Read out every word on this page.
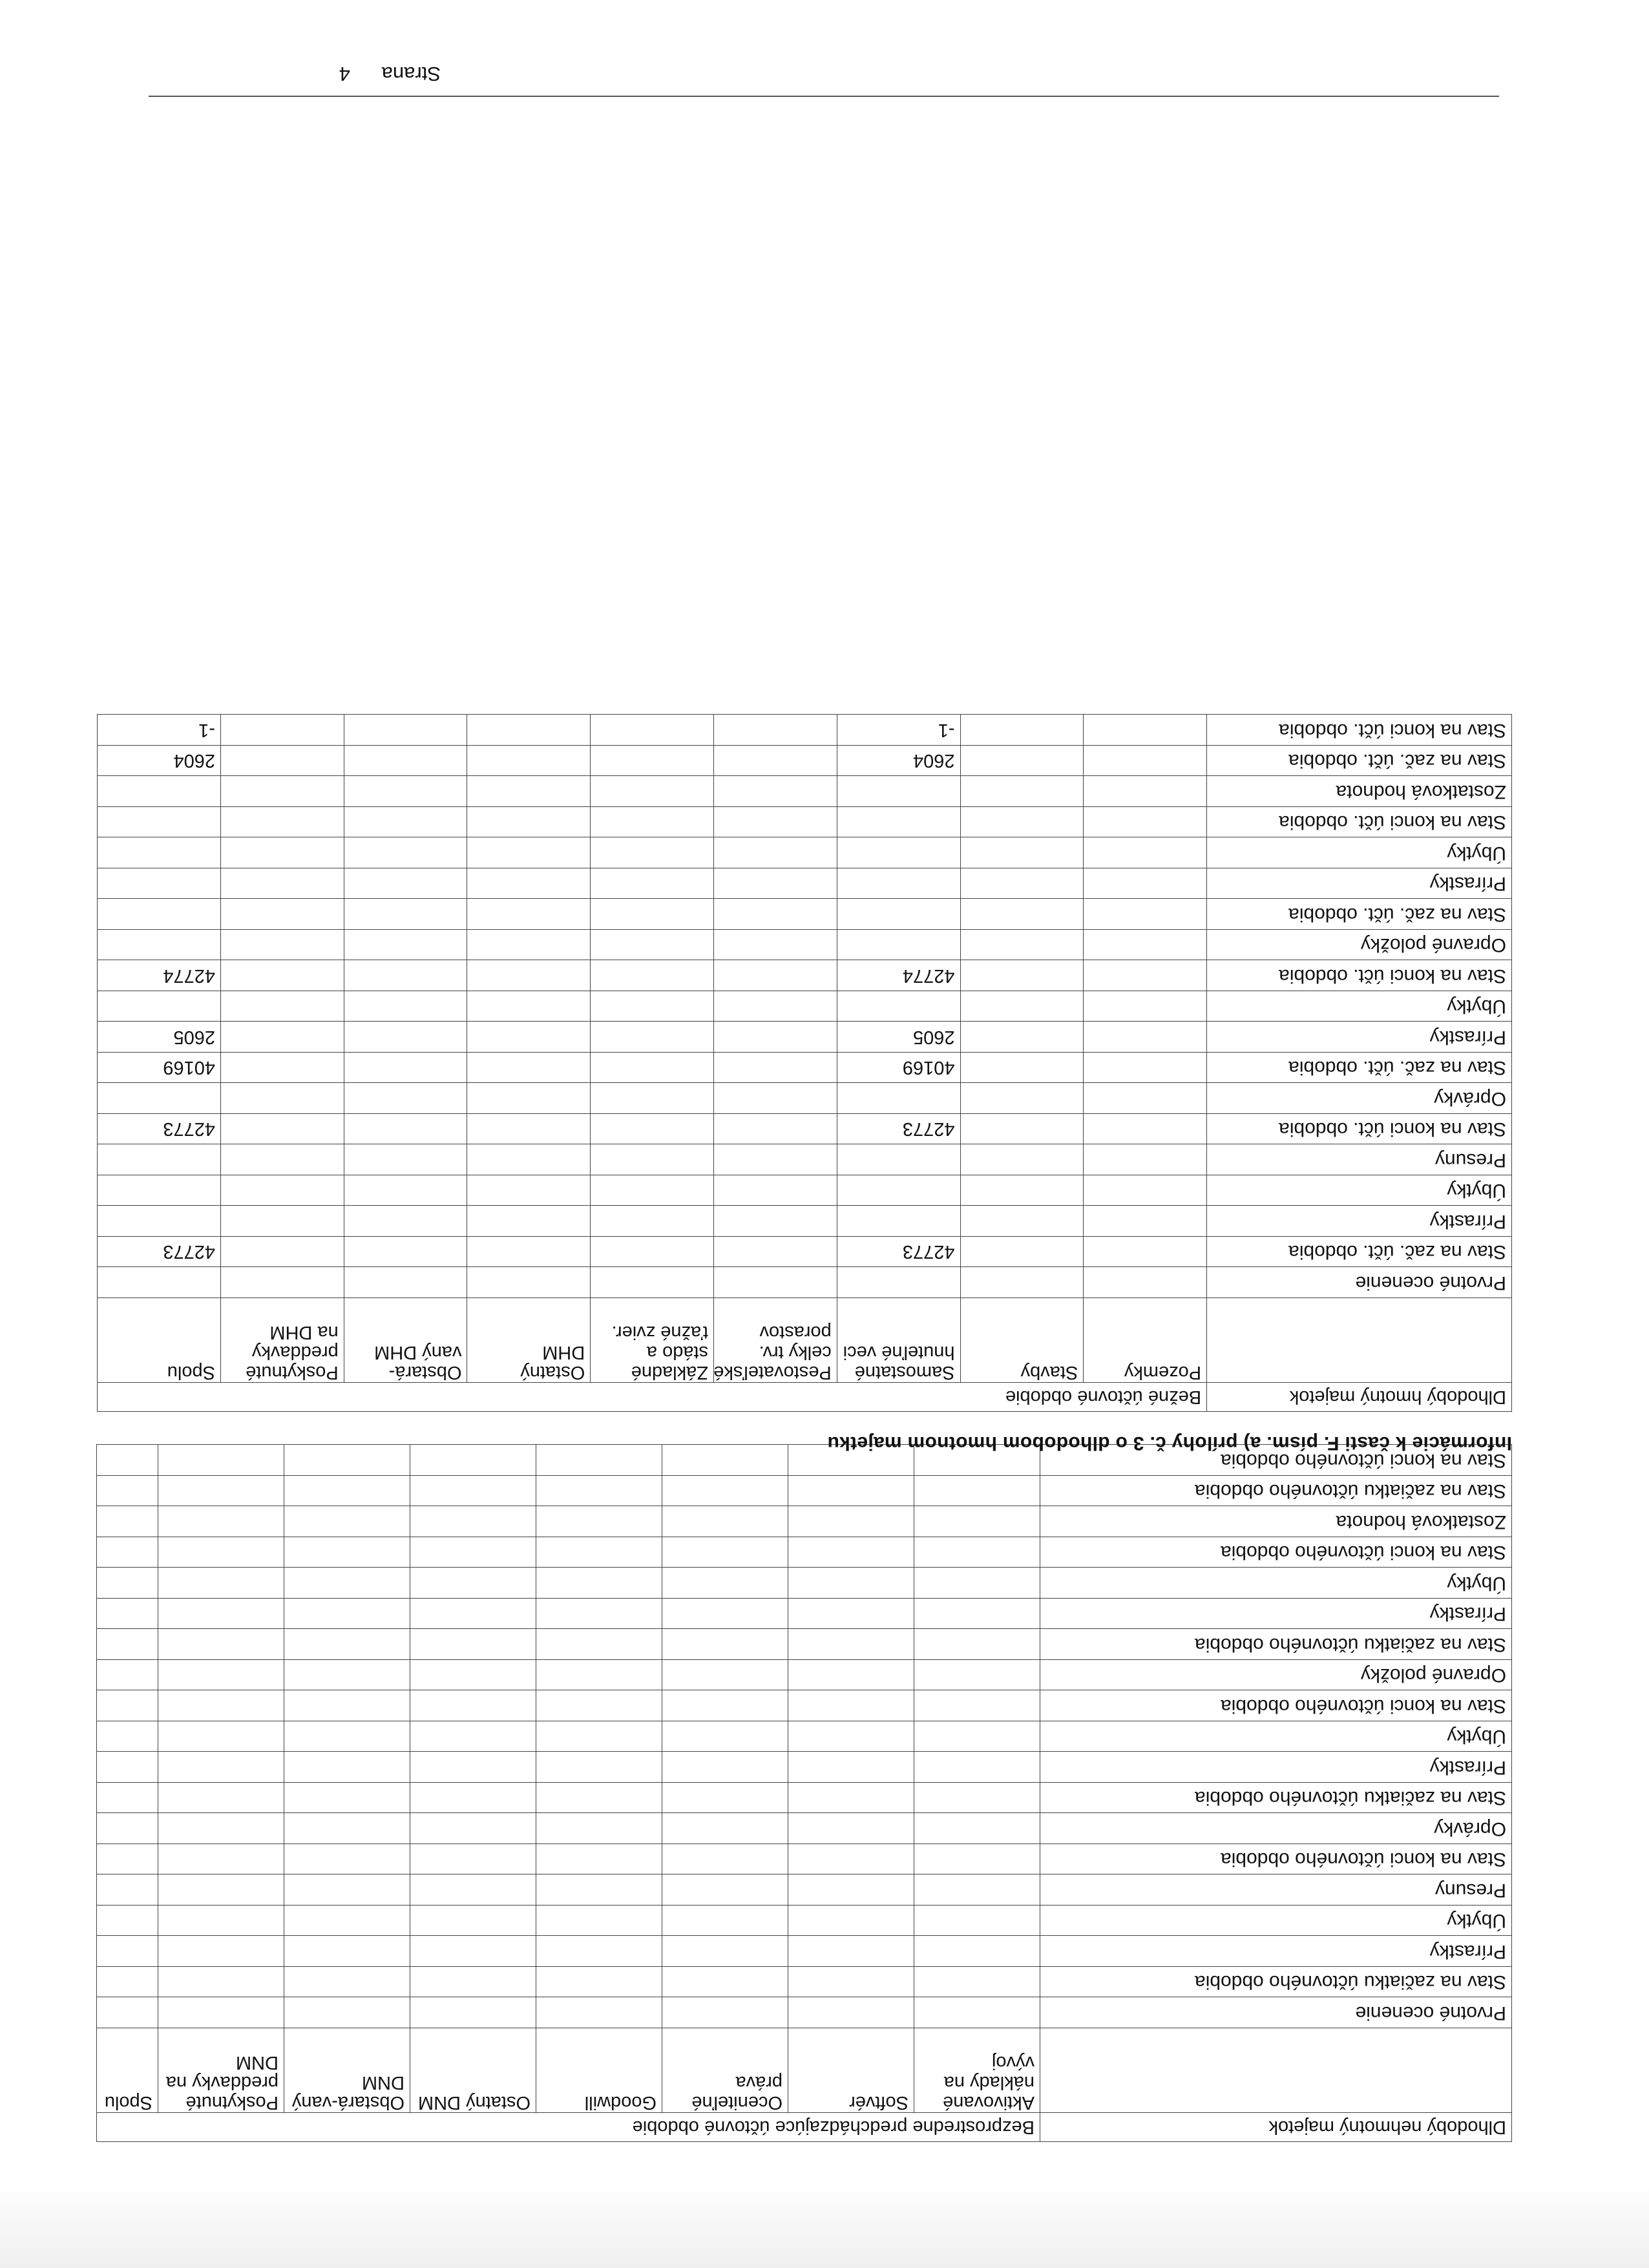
Dlhodobý nehmotný majetok	Bezprostredne predchádzajúce účtovné obdobie							
	Aktivované náklady na vývoj	Softvér	Oceniteľné práva	Goodwill	Ostatný DNM	Obstará-vaný DNM	Poskytnuté preddavky na DNM	Spolu
Prvotné ocenenie								
Stav na začiatku účtovného obdobia								
Prírastky								
Úbytky								
Presuny								
Stav na konci účtovného obdobia								
Oprávky								
Stav na začiatku účtovného obdobia								
Prírastky								
Úbytky								
Stav na konci účtovného obdobia								
Opravné položky								
Stav na začiatku účtovného obdobia								
Prírastky								
Úbytky								
Stav na konci účtovného obdobia								
Zostatková hodnota								
Stav na začiatku účtovného obdobia								
Stav na konci účtovného obdobia								
Informácie k časti F. písm. a) prílohy č. 3 o dlhodobom hmotnom majetku
Dlhodobý hmotný majetok	Bežné účtovné obdobie								
	Pozemky	Stavby	Samostatné hnuteľné veci	Pestovateľské celky trv. porastov	Základné stádo a ťažné zvier.	Ostatný DHM	Obstará-vaný DHM	Poskytnuté preddavky na DHM	Spolu
Prvotné ocenenie									
Stav na zač. účt. obdobia			42773						42773
Prírastky									
Úbytky									
Presuny									
Stav na konci účt. obdobia			42773						42773
Oprávky									
Stav na zač. účt. obdobia			40169						40169
Prírastky			2605						2605
Úbytky									
Stav na konci účt. obdobia			42774						42774
Opravné položky									
Stav na zač. účt. obdobia									
Prírastky									
Úbytky									
Stav na konci účt. obdobia									
Zostatková hodnota									
Stav na zač. účt. obdobia			2604						2604
Stav na konci účt. obdobia			-1						-1
Strana 4
